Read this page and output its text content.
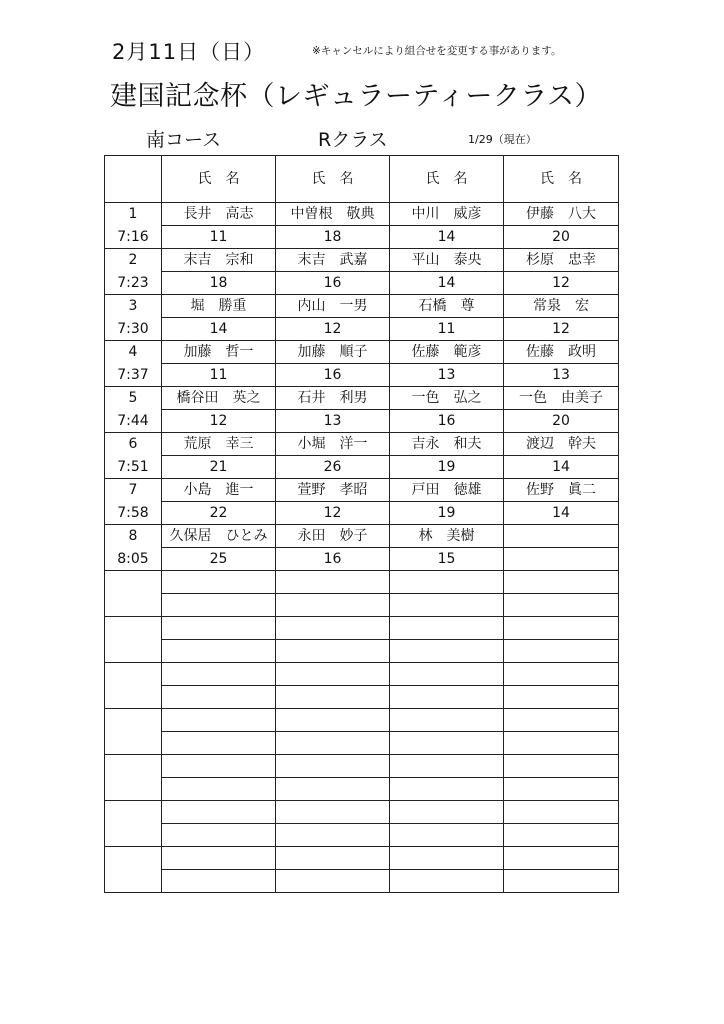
2月11日（日）	※キャンセルにより組合せを変更する事があります。
建国記念杯（レギュラーティークラス）
南コース	Rクラス	1/29（現在）
	氏　名	氏　名	氏　名	氏　名
1	長井　高志	中曽根　敬典	中川　威彦	伊藤　八大
7:16	11	18	14	20
2	末吉　宗和	末吉　武嘉	平山　泰央	杉原　忠幸
7:23	18	16	14	12
3	堀　勝重	内山　一男	石橋　尊	常泉　宏
7:30	14	12	11	12
4	加藤　哲一	加藤　順子	佐藤　範彦	佐藤　政明
7:37	11	16	13	13
5	橋谷田　英之	石井　利男	一色　弘之	一色　由美子
7:44	12	13	16	20
6	荒原　幸三	小堀　洋一	吉永　和夫	渡辺　幹夫
7:51	21	26	19	14
7	小島　進一	萱野　孝昭	戸田　徳雄	佐野　眞二
7:58	22	12	19	14
8	久保居　ひとみ	永田　妙子	林　美樹	
8:05	25	16	15	
